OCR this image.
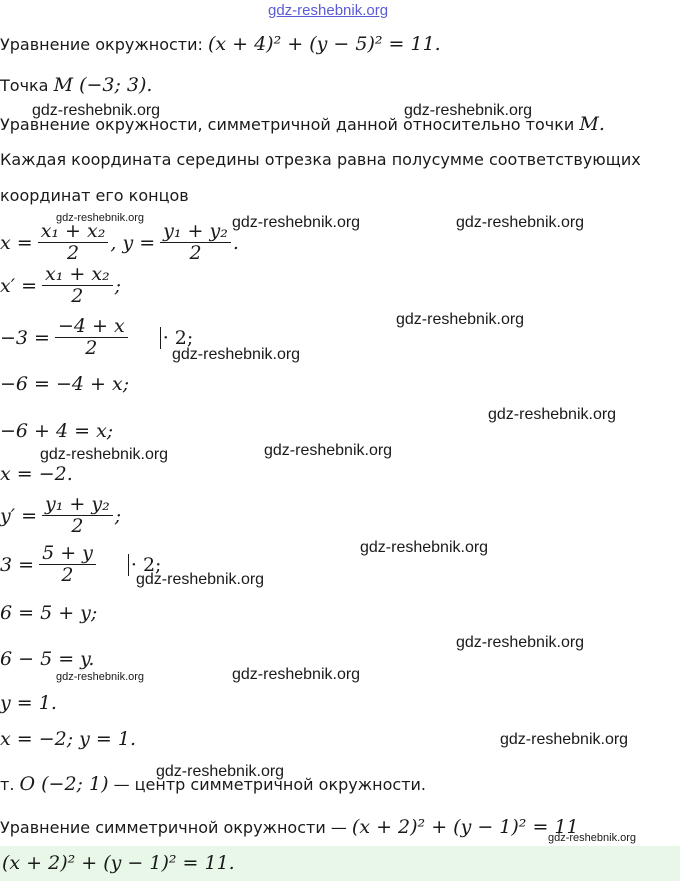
gdz-reshebnik.org
gdz-reshebnik.org	gdz-reshebnik.org
gdz-reshebnik.org	gdz-reshebnik.org	gdz-reshebnik.org
gdz-reshebnik.org
gdz-reshebnik.org
gdz-reshebnik.org
gdz-reshebnik.org	gdz-reshebnik.org
gdz-reshebnik.org
gdz-reshebnik.org
gdz-reshebnik.org
gdz-reshebnik.org	gdz-reshebnik.org
gdz-reshebnik.org
gdz-reshebnik.org
gdz-reshebnik.org
Уравнение окружности: (x + 4)² + (y − 5)² = 11.
Точка M (−3; 3).
Уравнение окружности, симметричной данной относительно точки M.
Каждая координата середины отрезка равна полусумме соответствующих
координат его концов
$x = \frac{\text{x₁ + x₂}}{2}$ , $y = \frac{\text{y₁ + y₂}}{2}$ .
$x' = \frac{\text{x₁ + x₂}}{2}$ ;
$-3 = \frac{-4 + x}{2} \cdot 2$;
−6 = −4 + x;
−6 + 4 = x;
x = −2.
$y' = \frac{\text{y₁ + y₂}}{2}$ ;
$3 = \frac{5 + y}{2} \cdot 2$;
6 = 5 + y;
6 − 5 = y.
y = 1.
x = −2; y = 1.
т. O (−2; 1) — центр симметричной окружности.
Уравнение симметричной окружности — (x + 2)² + (y − 1)² = 11
(x + 2)² + (y − 1)² = 11.
